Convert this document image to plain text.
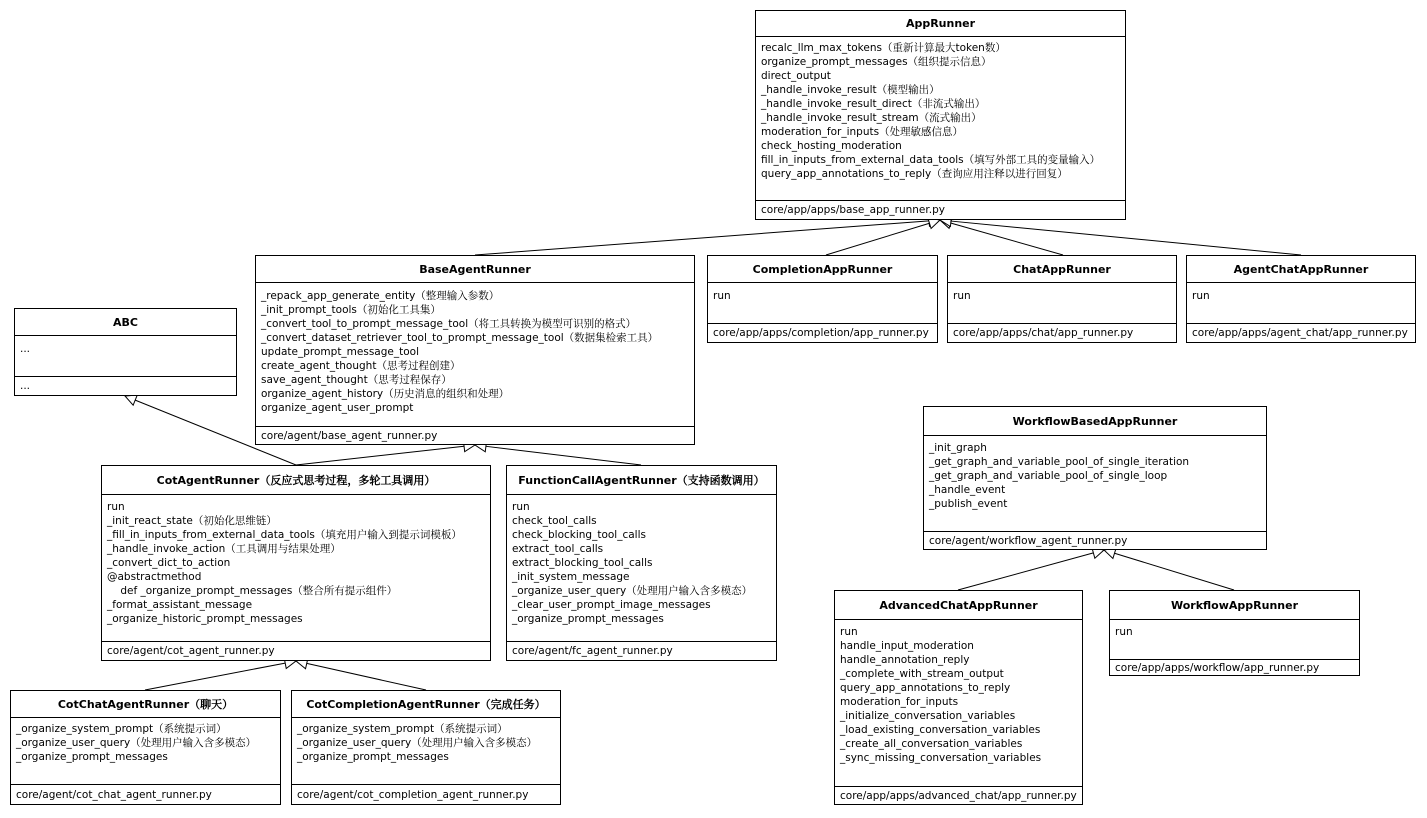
AppRunner
recalc_llm_max_tokens（重新计算最大token数）
organize_prompt_messages（组织提示信息）
direct_output
_handle_invoke_result（模型输出）
_handle_invoke_result_direct（非流式输出）
_handle_invoke_result_stream（流式输出）
moderation_for_inputs（处理敏感信息）
check_hosting_moderation
fill_in_inputs_from_external_data_tools（填写外部工具的变量输入）
query_app_annotations_to_reply（查询应用注释以进行回复）
core/app/apps/base_app_runner.py
BaseAgentRunner
_repack_app_generate_entity（整理输入参数）
_init_prompt_tools（初始化工具集）
_convert_tool_to_prompt_message_tool（将工具转换为模型可识别的格式）
_convert_dataset_retriever_tool_to_prompt_message_tool（数据集检索工具）
update_prompt_message_tool
create_agent_thought（思考过程创建）
save_agent_thought（思考过程保存）
organize_agent_history（历史消息的组织和处理）
organize_agent_user_prompt
core/agent/base_agent_runner.py
CompletionAppRunner
run
core/app/apps/completion/app_runner.py
ChatAppRunner
run
core/app/apps/chat/app_runner.py
AgentChatAppRunner
run
core/app/apps/agent_chat/app_runner.py
ABC
...
...
CotAgentRunner（反应式思考过程，多轮工具调用）
run
_init_react_state（初始化思维链）
_fill_in_inputs_from_external_data_tools（填充用户输入到提示词模板）
_handle_invoke_action（工具调用与结果处理）
_convert_dict_to_action
@abstractmethod
def _organize_prompt_messages（整合所有提示组件）
_format_assistant_message
_organize_historic_prompt_messages
core/agent/cot_agent_runner.py
FunctionCallAgentRunner（支持函数调用）
run
check_tool_calls
check_blocking_tool_calls
extract_tool_calls
extract_blocking_tool_calls
_init_system_message
_organize_user_query（处理用户输入含多模态）
_clear_user_prompt_image_messages
_organize_prompt_messages
core/agent/fc_agent_runner.py
WorkflowBasedAppRunner
_init_graph
_get_graph_and_variable_pool_of_single_iteration
_get_graph_and_variable_pool_of_single_loop
_handle_event
_publish_event
core/agent/workflow_agent_runner.py
CotChatAgentRunner（聊天）
_organize_system_prompt（系统提示词）
_organize_user_query（处理用户输入含多模态）
_organize_prompt_messages
core/agent/cot_chat_agent_runner.py
CotCompletionAgentRunner（完成任务）
_organize_system_prompt（系统提示词）
_organize_user_query（处理用户输入含多模态）
_organize_prompt_messages
core/agent/cot_completion_agent_runner.py
AdvancedChatAppRunner
run
handle_input_moderation
handle_annotation_reply
_complete_with_stream_output
query_app_annotations_to_reply
moderation_for_inputs
_initialize_conversation_variables
_load_existing_conversation_variables
_create_all_conversation_variables
_sync_missing_conversation_variables
core/app/apps/advanced_chat/app_runner.py
WorkflowAppRunner
run
core/app/apps/workflow/app_runner.py
